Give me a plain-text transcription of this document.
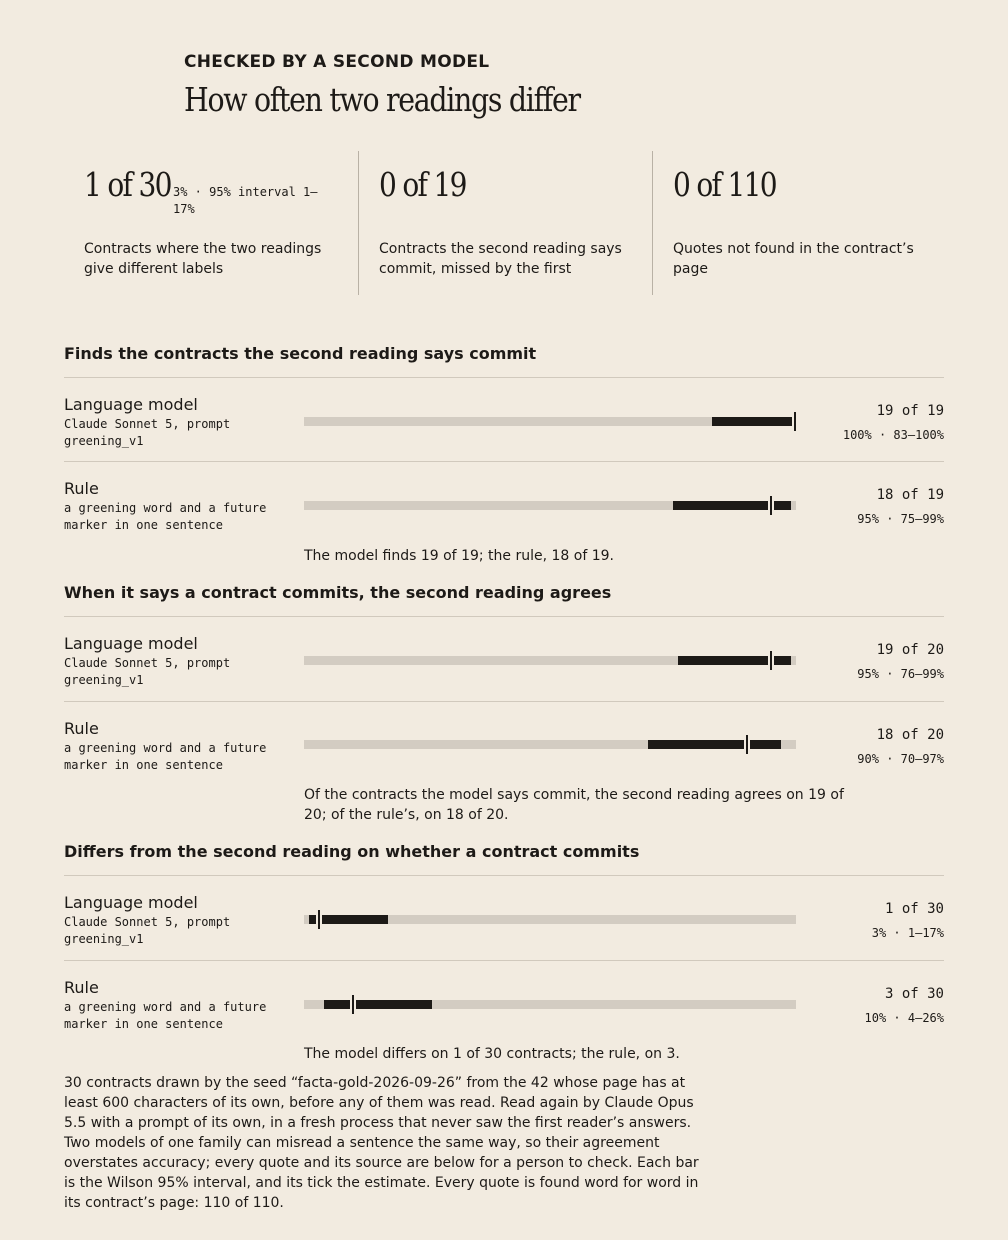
CHECKED BY A SECOND MODEL
How often two readings differ
1 of 30 3% · 95% interval 1–17%
Contracts where the two readings give different labels
0 of 19
Contracts the second reading says commit, missed by the first
0 of 110
Quotes not found in the contract’s page
Finds the contracts the second reading says commit
Language model
Claude Sonnet 5, prompt greening_v1
19 of 19
100% · 83–100%
Rule
a greening word and a future marker in one sentence
18 of 19
95% · 75–99%
The model finds 19 of 19; the rule, 18 of 19.
When it says a contract commits, the second reading agrees
Language model
Claude Sonnet 5, prompt greening_v1
19 of 20
95% · 76–99%
Rule
a greening word and a future marker in one sentence
18 of 20
90% · 70–97%
Of the contracts the model says commit, the second reading agrees on 19 of 20; of the rule’s, on 18 of 20.
Differs from the second reading on whether a contract commits
Language model
Claude Sonnet 5, prompt greening_v1
1 of 30
3% · 1–17%
Rule
a greening word and a future marker in one sentence
3 of 30
10% · 4–26%
The model differs on 1 of 30 contracts; the rule, on 3.
30 contracts drawn by the seed “facta-gold-2026-09-26” from the 42 whose page has at least 600 characters of its own, before any of them was read. Read again by Claude Opus 5.5 with a prompt of its own, in a fresh process that never saw the first reader’s answers. Two models of one family can misread a sentence the same way, so their agreement overstates accuracy; every quote and its source are below for a person to check. Each bar is the Wilson 95% interval, and its tick the estimate. Every quote is found word for word in its contract’s page: 110 of 110.
